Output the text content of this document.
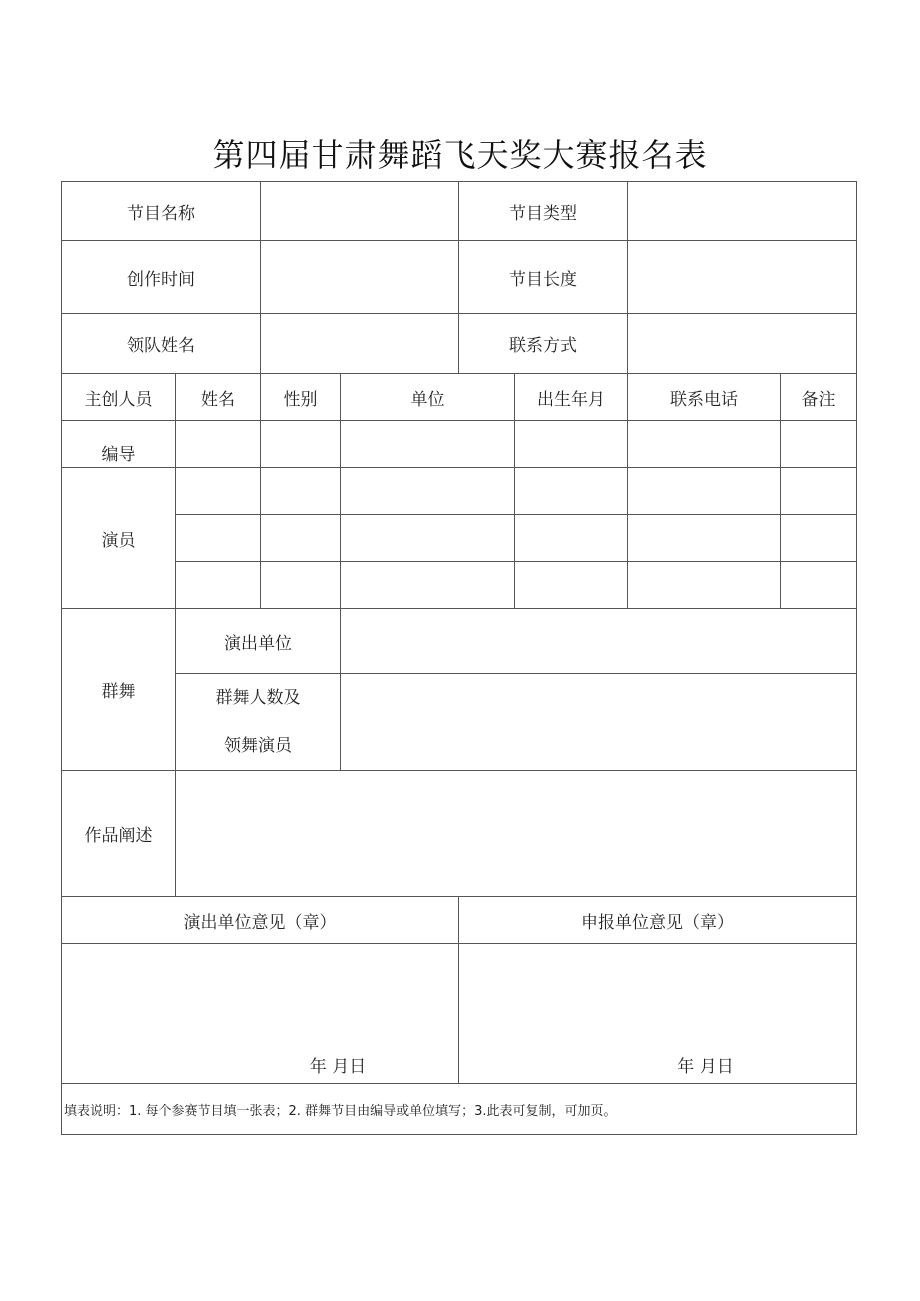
第四届甘肃舞蹈飞天奖大赛报名表
节目名称				节目类型			
创作时间				节目长度			
领队姓名				联系方式			
主创人员	姓名	性别	单位		出生年月	联系电话	备注
编导							
演员							

群舞	演出单位						

	群舞人数及
领舞演员						

作品阐述							
演出单位意见（章）				申报单位意见（章）			
年 月日				年 月日			
填表说明：1. 每个参赛节目填一张表；2. 群舞节目由编导或单位填写；3.此表可复制，可加页。							
